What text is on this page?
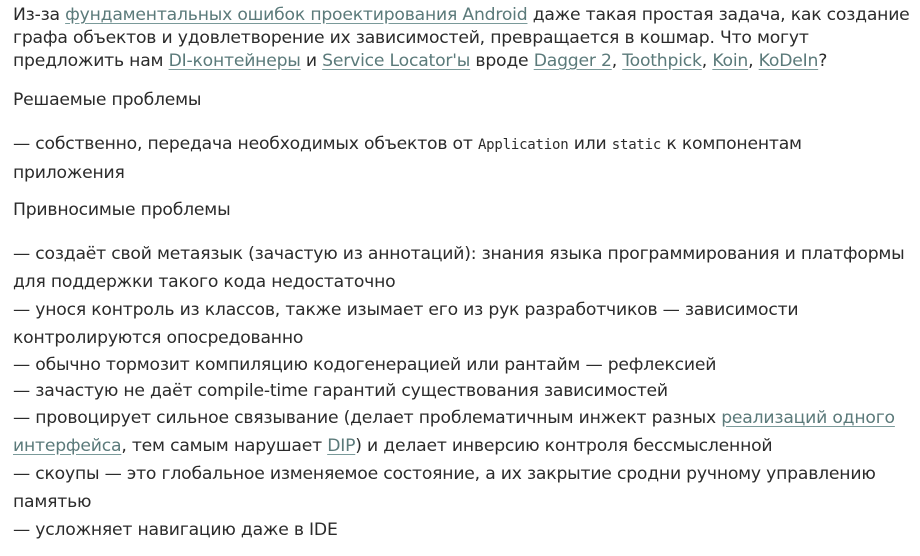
Из-за фундаментальных ошибок проектирования Android даже такая простая задача, как создание графа объектов и удовлетворение их зависимостей, превращается в кошмар. Что могут предложить нам DI-контейнеры и Service Locator'ы вроде Dagger 2, Toothpick, Koin, KoDeIn?

Решаемые проблемы

— собственно, передача необходимых объектов от Application или static к компонентам приложения

Привносимые проблемы

— создаёт свой метаязык (зачастую из аннотаций): знания языка программирования и платформы для поддержки такого кода недостаточно

— унося контроль из классов, также изымает его из рук разработчиков — зависимости контролируются опосредованно

— обычно тормозит компиляцию кодогенерацией или рантайм — рефлексией

— зачастую не даёт compile-time гарантий существования зависимостей

— провоцирует сильное связывание (делает проблематичным инжект разных реализаций одного интерфейса, тем самым нарушает DIP) и делает инверсию контроля бессмысленной

— скоупы — это глобальное изменяемое состояние, а их закрытие сродни ручному управлению памятью

— усложняет навигацию даже в IDE
